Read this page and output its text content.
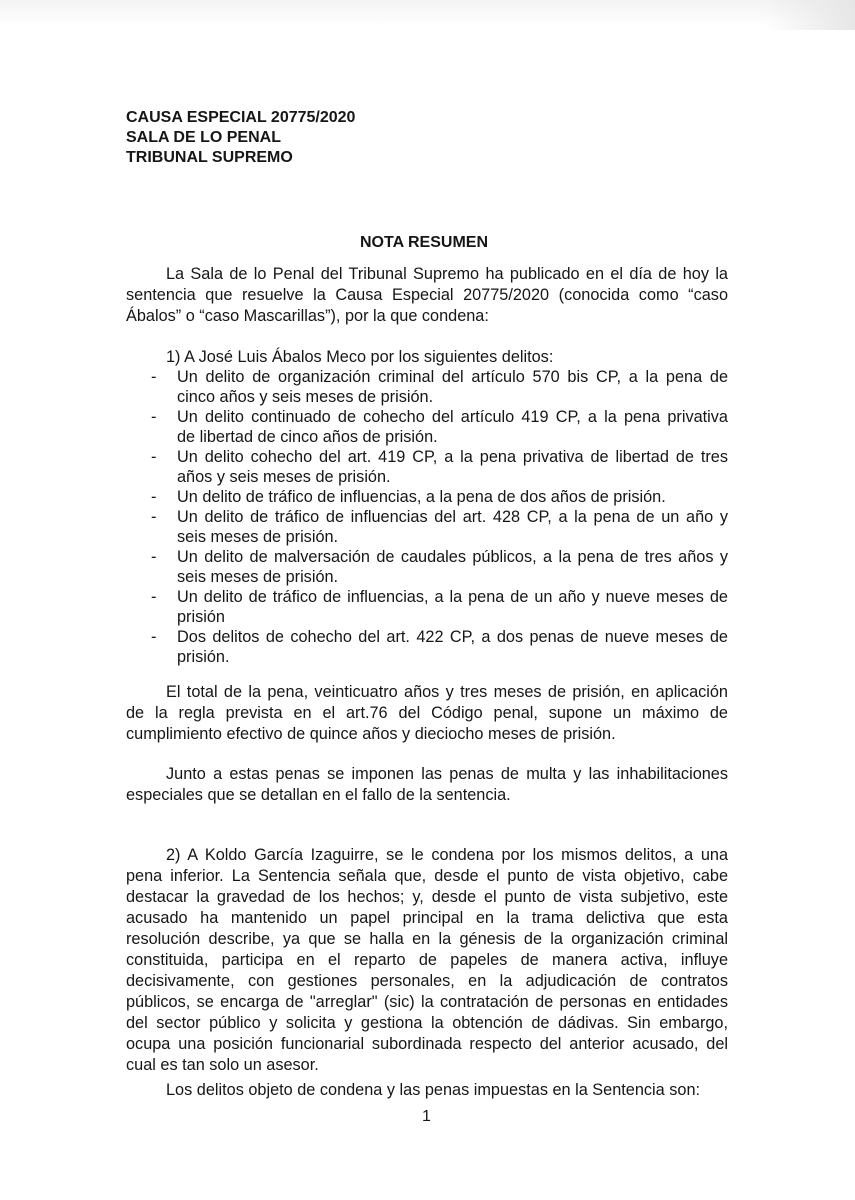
CAUSA ESPECIAL 20775/2020
SALA DE LO PENAL
TRIBUNAL SUPREMO
NOTA RESUMEN
La Sala de lo Penal del Tribunal Supremo ha publicado en el día de hoy la
sentencia que resuelve la Causa Especial 20775/2020 (conocida como “caso
Ábalos” o “caso Mascarillas”), por la que condena:
1) A José Luis Ábalos Meco por los siguientes delitos:
- Un delito de organización criminal del artículo 570 bis CP, a la pena de
cinco años y seis meses de prisión.
- Un delito continuado de cohecho del artículo 419 CP, a la pena privativa
de libertad de cinco años de prisión.
- Un delito cohecho del art. 419 CP, a la pena privativa de libertad de tres
años y seis meses de prisión.
- Un delito de tráfico de influencias, a la pena de dos años de prisión.
- Un delito de tráfico de influencias del art. 428 CP, a la pena de un año y
seis meses de prisión.
- Un delito de malversación de caudales públicos, a la pena de tres años y
seis meses de prisión.
- Un delito de tráfico de influencias, a la pena de un año y nueve meses de
prisión
- Dos delitos de cohecho del art. 422 CP, a dos penas de nueve meses de
prisión.
El total de la pena, veinticuatro años y tres meses de prisión, en aplicación
de la regla prevista en el art.76 del Código penal, supone un máximo de
cumplimiento efectivo de quince años y dieciocho meses de prisión.
Junto a estas penas se imponen las penas de multa y las inhabilitaciones
especiales que se detallan en el fallo de la sentencia.
2) A Koldo García Izaguirre, se le condena por los mismos delitos, a una
pena inferior. La Sentencia señala que, desde el punto de vista objetivo, cabe
destacar la gravedad de los hechos; y, desde el punto de vista subjetivo, este
acusado ha mantenido un papel principal en la trama delictiva que esta
resolución describe, ya que se halla en la génesis de la organización criminal
constituida, participa en el reparto de papeles de manera activa, influye
decisivamente, con gestiones personales, en la adjudicación de contratos
públicos, se encarga de "arreglar" (sic) la contratación de personas en entidades
del sector público y solicita y gestiona la obtención de dádivas. Sin embargo,
ocupa una posición funcionarial subordinada respecto del anterior acusado, del
cual es tan solo un asesor.
Los delitos objeto de condena y las penas impuestas en la Sentencia son:
1
